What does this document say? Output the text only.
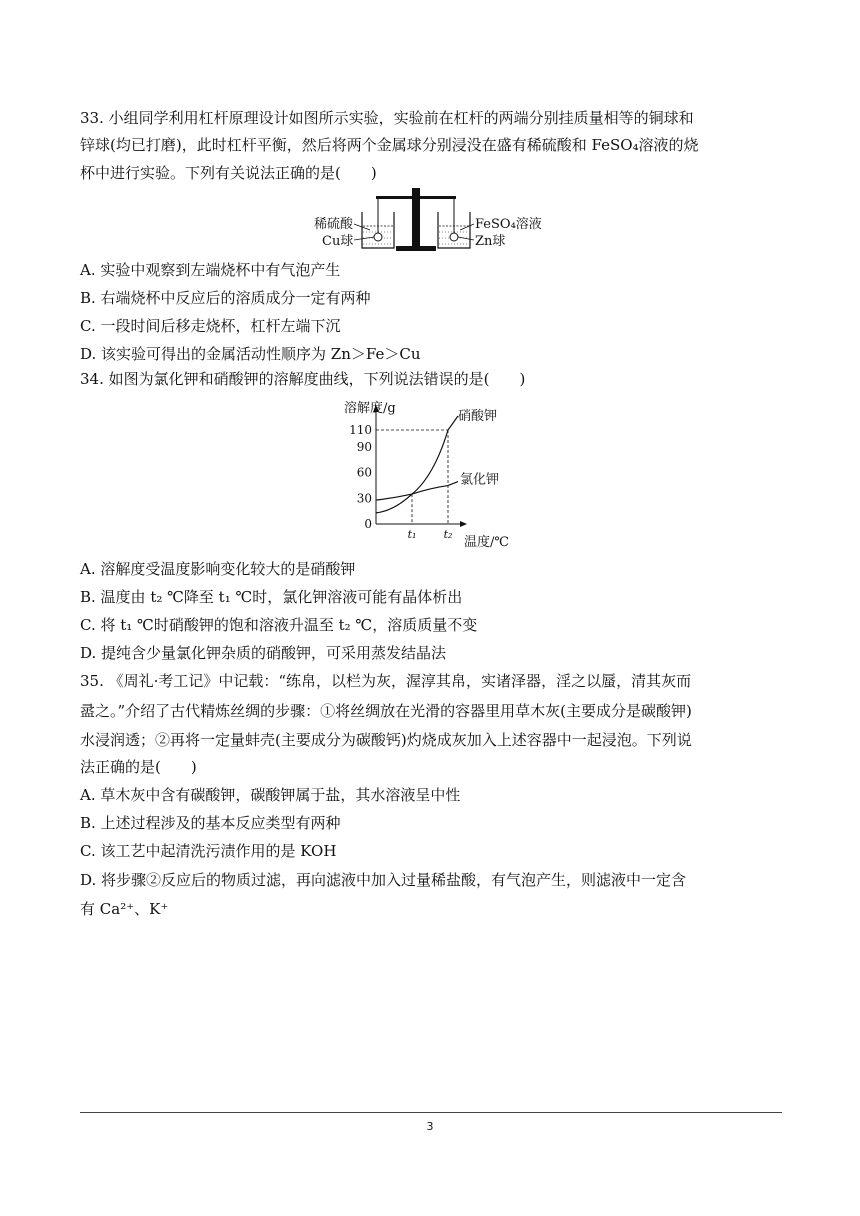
33. 小组同学利用杠杆原理设计如图所示实验，实验前在杠杆的两端分别挂质量相等的铜球和
锌球(均已打磨)，此时杠杆平衡，然后将两个金属球分别浸没在盛有稀硫酸和 FeSO₄溶液的烧
杯中进行实验。下列有关说法正确的是(　　)
稀硫酸
Cu球
FeSO₄溶液
Zn球
A. 实验中观察到左端烧杯中有气泡产生
B. 右端烧杯中反应后的溶质成分一定有两种
C. 一段时间后移走烧杯，杠杆左端下沉
D. 该实验可得出的金属活动性顺序为 Zn＞Fe＞Cu
34. 如图为氯化钾和硝酸钾的溶解度曲线，下列说法错误的是(　　)
0
30
60
90
110
t₁ t₂
硝酸钾
氯化钾
溶解度/g
温度/℃
A. 溶解度受温度影响变化较大的是硝酸钾
B. 温度由 t₂ ℃降至 t₁ ℃时，氯化钾溶液可能有晶体析出
C. 将 t₁ ℃时硝酸钾的饱和溶液升温至 t₂ ℃，溶质质量不变
D. 提纯含少量氯化钾杂质的硝酸钾，可采用蒸发结晶法
35. 《周礼·考工记》中记载：“练帛，以栏为灰，渥淳其帛，实诸泽器，淫之以蜃，清其灰而
盝之。”介绍了古代精炼丝绸的步骤：①将丝绸放在光滑的容器里用草木灰(主要成分是碳酸钾)
水浸润透；②再将一定量蚌壳(主要成分为碳酸钙)灼烧成灰加入上述容器中一起浸泡。下列说
法正确的是(　　)
A. 草木灰中含有碳酸钾，碳酸钾属于盐，其水溶液呈中性
B. 上述过程涉及的基本反应类型有两种
C. 该工艺中起清洗污渍作用的是 KOH
D. 将步骤②反应后的物质过滤，再向滤液中加入过量稀盐酸，有气泡产生，则滤液中一定含
有 Ca²⁺、K⁺
3
